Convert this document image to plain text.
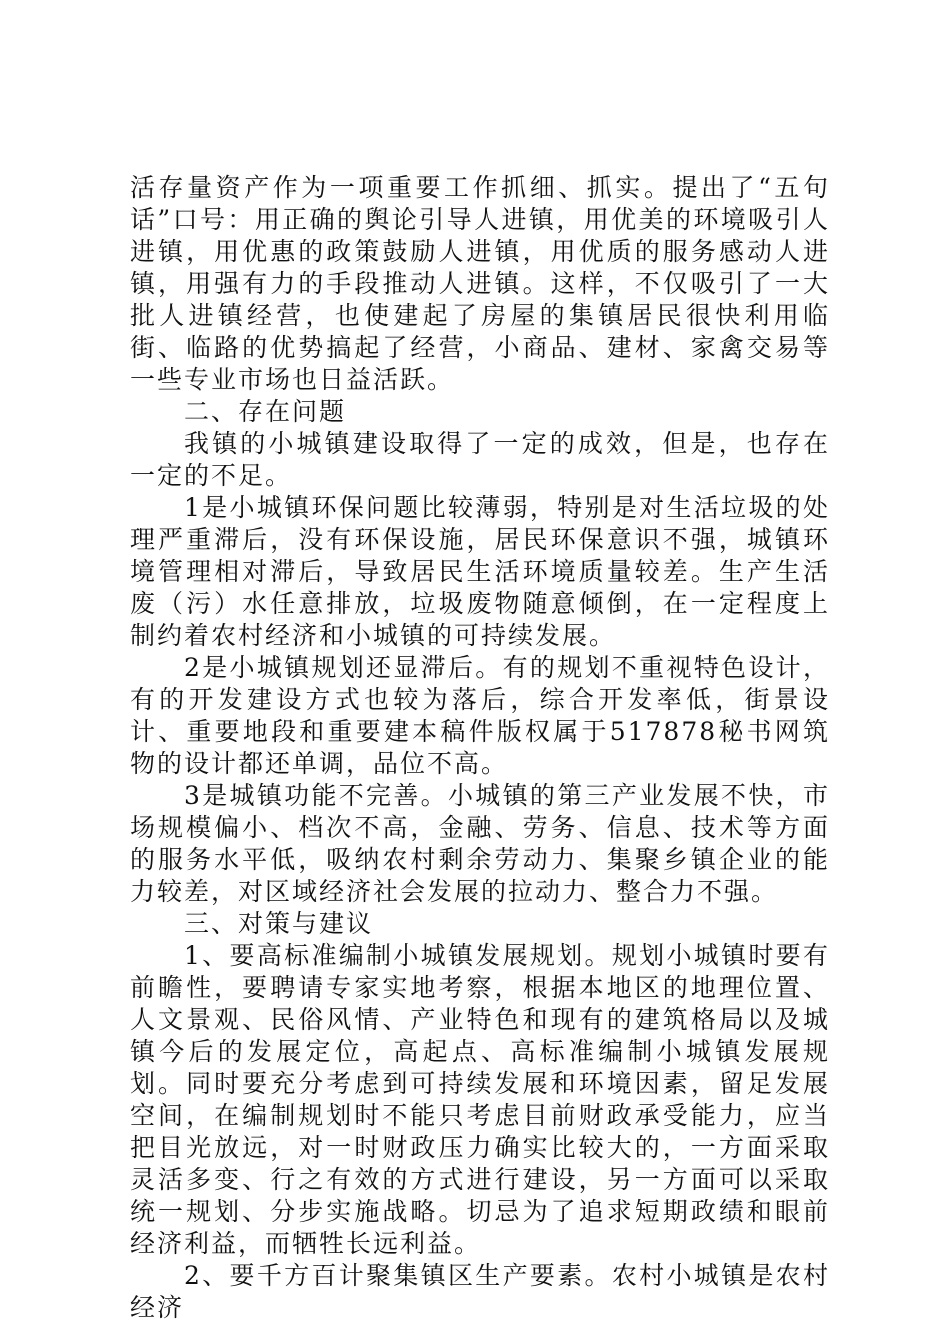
活存量资产作为一项重要工作抓细、抓实。提出了“五句话”口号：用正确的舆论引导人进镇，用优美的环境吸引人进镇，用优惠的政策鼓励人进镇，用优质的服务感动人进镇，用强有力的手段推动人进镇。这样，不仅吸引了一大批人进镇经营，也使建起了房屋的集镇居民很快利用临街、临路的优势搞起了经营，小商品、建材、家禽交易等一些专业市场也日益活跃。

二、存在问题

我镇的小城镇建设取得了一定的成效，但是，也存在一定的不足。

1是小城镇环保问题比较薄弱，特别是对生活垃圾的处理严重滞后，没有环保设施，居民环保意识不强，城镇环境管理相对滞后，导致居民生活环境质量较差。生产生活废（污）水任意排放，垃圾废物随意倾倒，在一定程度上制约着农村经济和小城镇的可持续发展。

2是小城镇规划还显滞后。有的规划不重视特色设计，有的开发建设方式也较为落后，综合开发率低，街景设计、重要地段和重要建本稿件版权属于517878秘书网筑物的设计都还单调，品位不高。

3是城镇功能不完善。小城镇的第三产业发展不快，市场规模偏小、档次不高，金融、劳务、信息、技术等方面的服务水平低，吸纳农村剩余劳动力、集聚乡镇企业的能力较差，对区域经济社会发展的拉动力、整合力不强。

三、对策与建议

1、要高标准编制小城镇发展规划。规划小城镇时要有前瞻性，要聘请专家实地考察，根据本地区的地理位置、人文景观、民俗风情、产业特色和现有的建筑格局以及城镇今后的发展定位，高起点、高标准编制小城镇发展规划。同时要充分考虑到可持续发展和环境因素，留足发展空间，在编制规划时不能只考虑目前财政承受能力，应当把目光放远，对一时财政压力确实比较大的，一方面采取灵活多变、行之有效的方式进行建设，另一方面可以采取统一规划、分步实施战略。切忌为了追求短期政绩和眼前经济利益，而牺牲长远利益。

2、要千方百计聚集镇区生产要素。农村小城镇是农村经济
